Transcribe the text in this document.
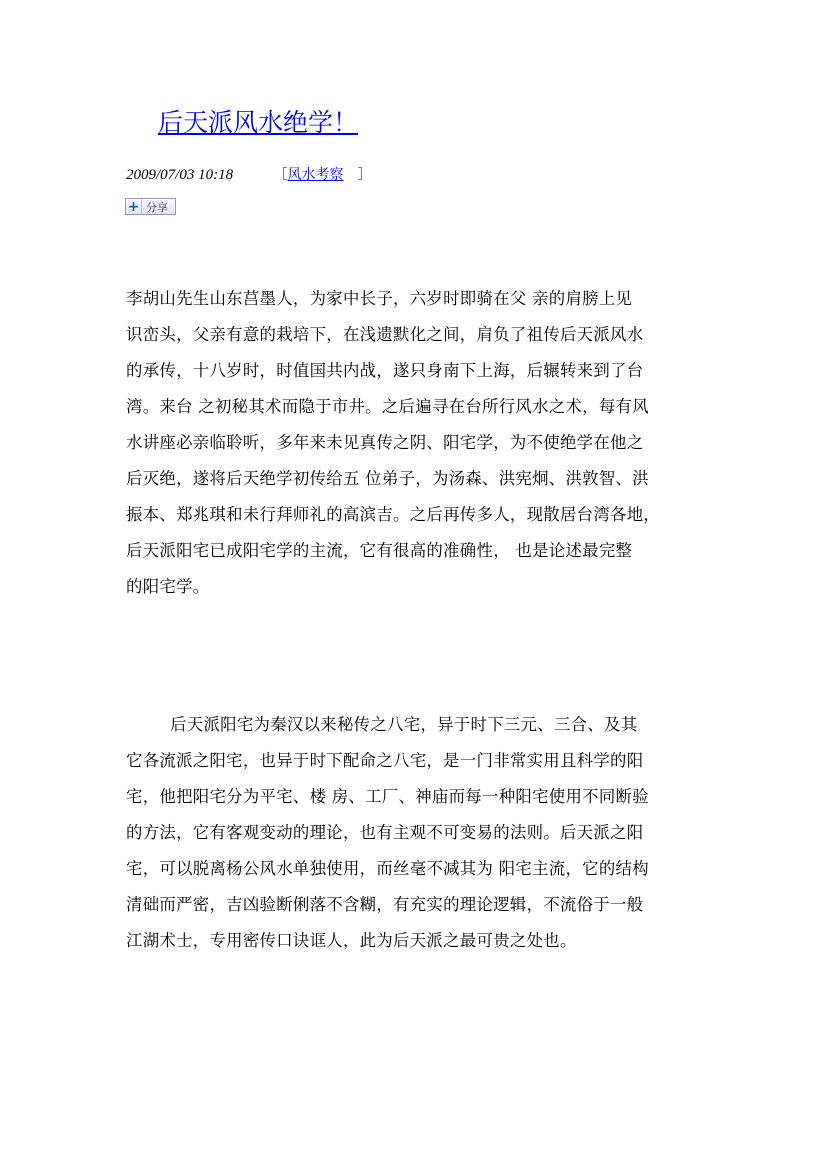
后天派风水绝学！
2009/07/03 10:18	［风水考察 ］
+ 分享

李胡山先生山东莒墨人，为家中长子，六岁时即骑在父 亲的肩膀上见
识峦头，父亲有意的栽培下，在浅遗默化之间，肩负了祖传后天派风水
的承传，十八岁时，时值国共内战，遂只身南下上海，后辗转来到了台
湾。来台 之初秘其术而隐于市井。之后遍寻在台所行风水之术，每有风
水讲座必亲临聆听，多年来未见真传之阴、阳宅学，为不使绝学在他之
后灭绝，遂将后天绝学初传给五 位弟子，为汤森、洪宪炯、洪敦智、洪
振本、郑兆琪和未行拜师礼的高滨吉。之后再传多人，现散居台湾各地，
后天派阳宅已成阳宅学的主流，它有很高的准确性， 也是论述最完整
的阳宅学。

后天派阳宅为秦汉以来秘传之八宅，异于时下三元、三合、及其
它各流派之阳宅，也异于时下配命之八宅，是一门非常实用且科学的阳
宅，他把阳宅分为平宅、楼 房、工厂、神庙而每一种阳宅使用不同断验
的方法，它有客观变动的理论，也有主观不可变易的法则。后天派之阳
宅，可以脱离杨公风水单独使用，而丝毫不减其为 阳宅主流，它的结构
清础而严密，吉凶验断俐落不含糊，有充实的理论逻辑，不流俗于一般
江湖术士，专用密传口诀诓人，此为后天派之最可贵之处也。
